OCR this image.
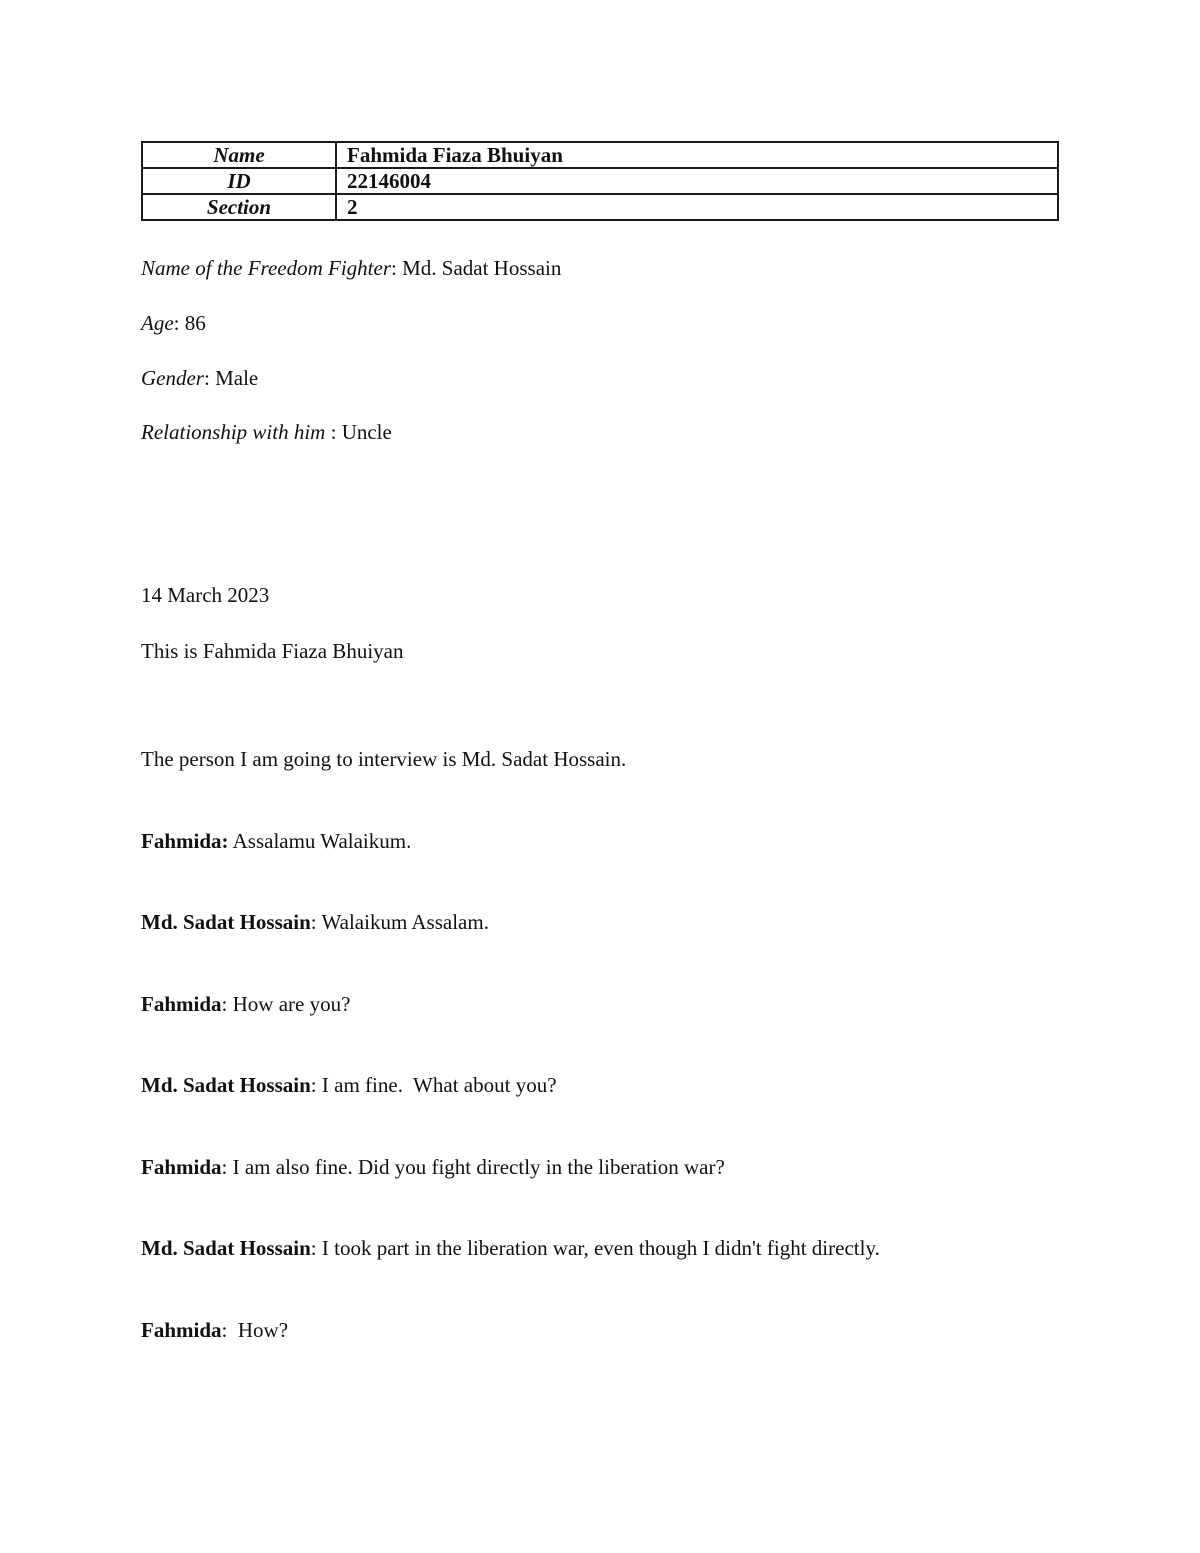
Name	Fahmida Fiaza Bhuiyan
ID	22146004
Section	2
Name of the Freedom Fighter: Md. Sadat Hossain
Age: 86
Gender: Male
Relationship with him : Uncle
14 March 2023
This is Fahmida Fiaza Bhuiyan
The person I am going to interview is Md. Sadat Hossain.
Fahmida: Assalamu Walaikum.
Md. Sadat Hossain: Walaikum Assalam.
Fahmida: How are you?
Md. Sadat Hossain: I am fine.  What about you?
Fahmida: I am also fine. Did you fight directly in the liberation war?
Md. Sadat Hossain: I took part in the liberation war, even though I didn't fight directly.
Fahmida:  How?
